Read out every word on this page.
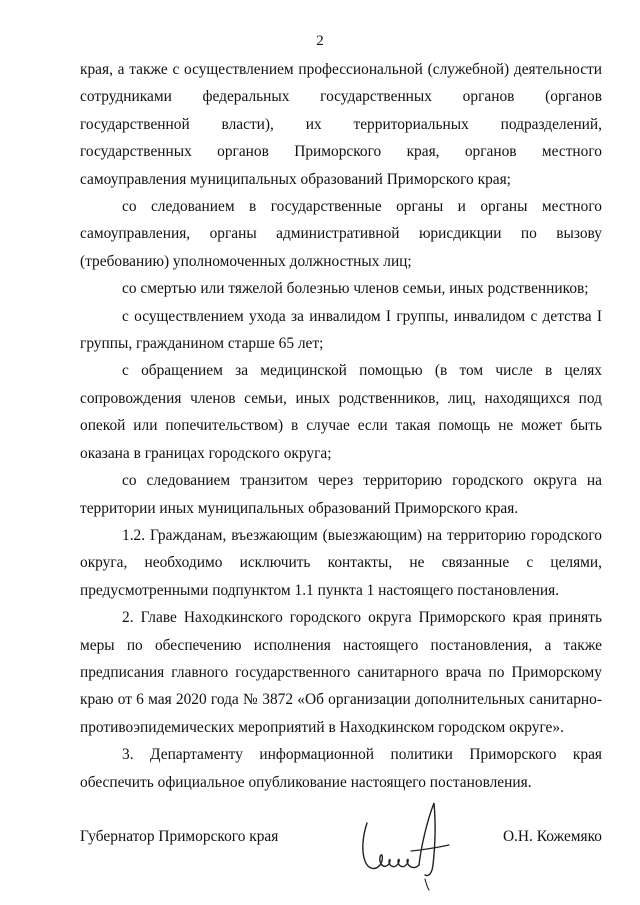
2

края, а также с осуществлением профессиональной (служебной) деятельности сотрудниками федеральных государственных органов (органов государственной власти), их территориальных подразделений, государственных органов Приморского края, органов местного самоуправления муниципальных образований Приморского края;

со следованием в государственные органы и органы местного самоуправления, органы административной юрисдикции по вызову (требованию) уполномоченных должностных лиц;

со смертью или тяжелой болезнью членов семьи, иных родственников;

с осуществлением ухода за инвалидом I группы, инвалидом с детства I группы, гражданином старше 65 лет;

с обращением за медицинской помощью (в том числе в целях сопровождения членов семьи, иных родственников, лиц, находящихся под опекой или попечительством) в случае если такая помощь не может быть оказана в границах городского округа;

со следованием транзитом через территорию городского округа на территории иных муниципальных образований Приморского края.

1.2. Гражданам, въезжающим (выезжающим) на территорию городского округа, необходимо исключить контакты, не связанные с целями, предусмотренными подпунктом 1.1 пункта 1 настоящего постановления.

2. Главе Находкинского городского округа Приморского края принять меры по обеспечению исполнения настоящего постановления, а также предписания главного государственного санитарного врача по Приморскому краю от 6 мая 2020 года № 3872 «Об организации дополнительных санитарно-противоэпидемических мероприятий в Находкинском городском округе».

3. Департаменту информационной политики Приморского края обеспечить официальное опубликование настоящего постановления.

Губернатор Приморского края	О.Н. Кожемяко
